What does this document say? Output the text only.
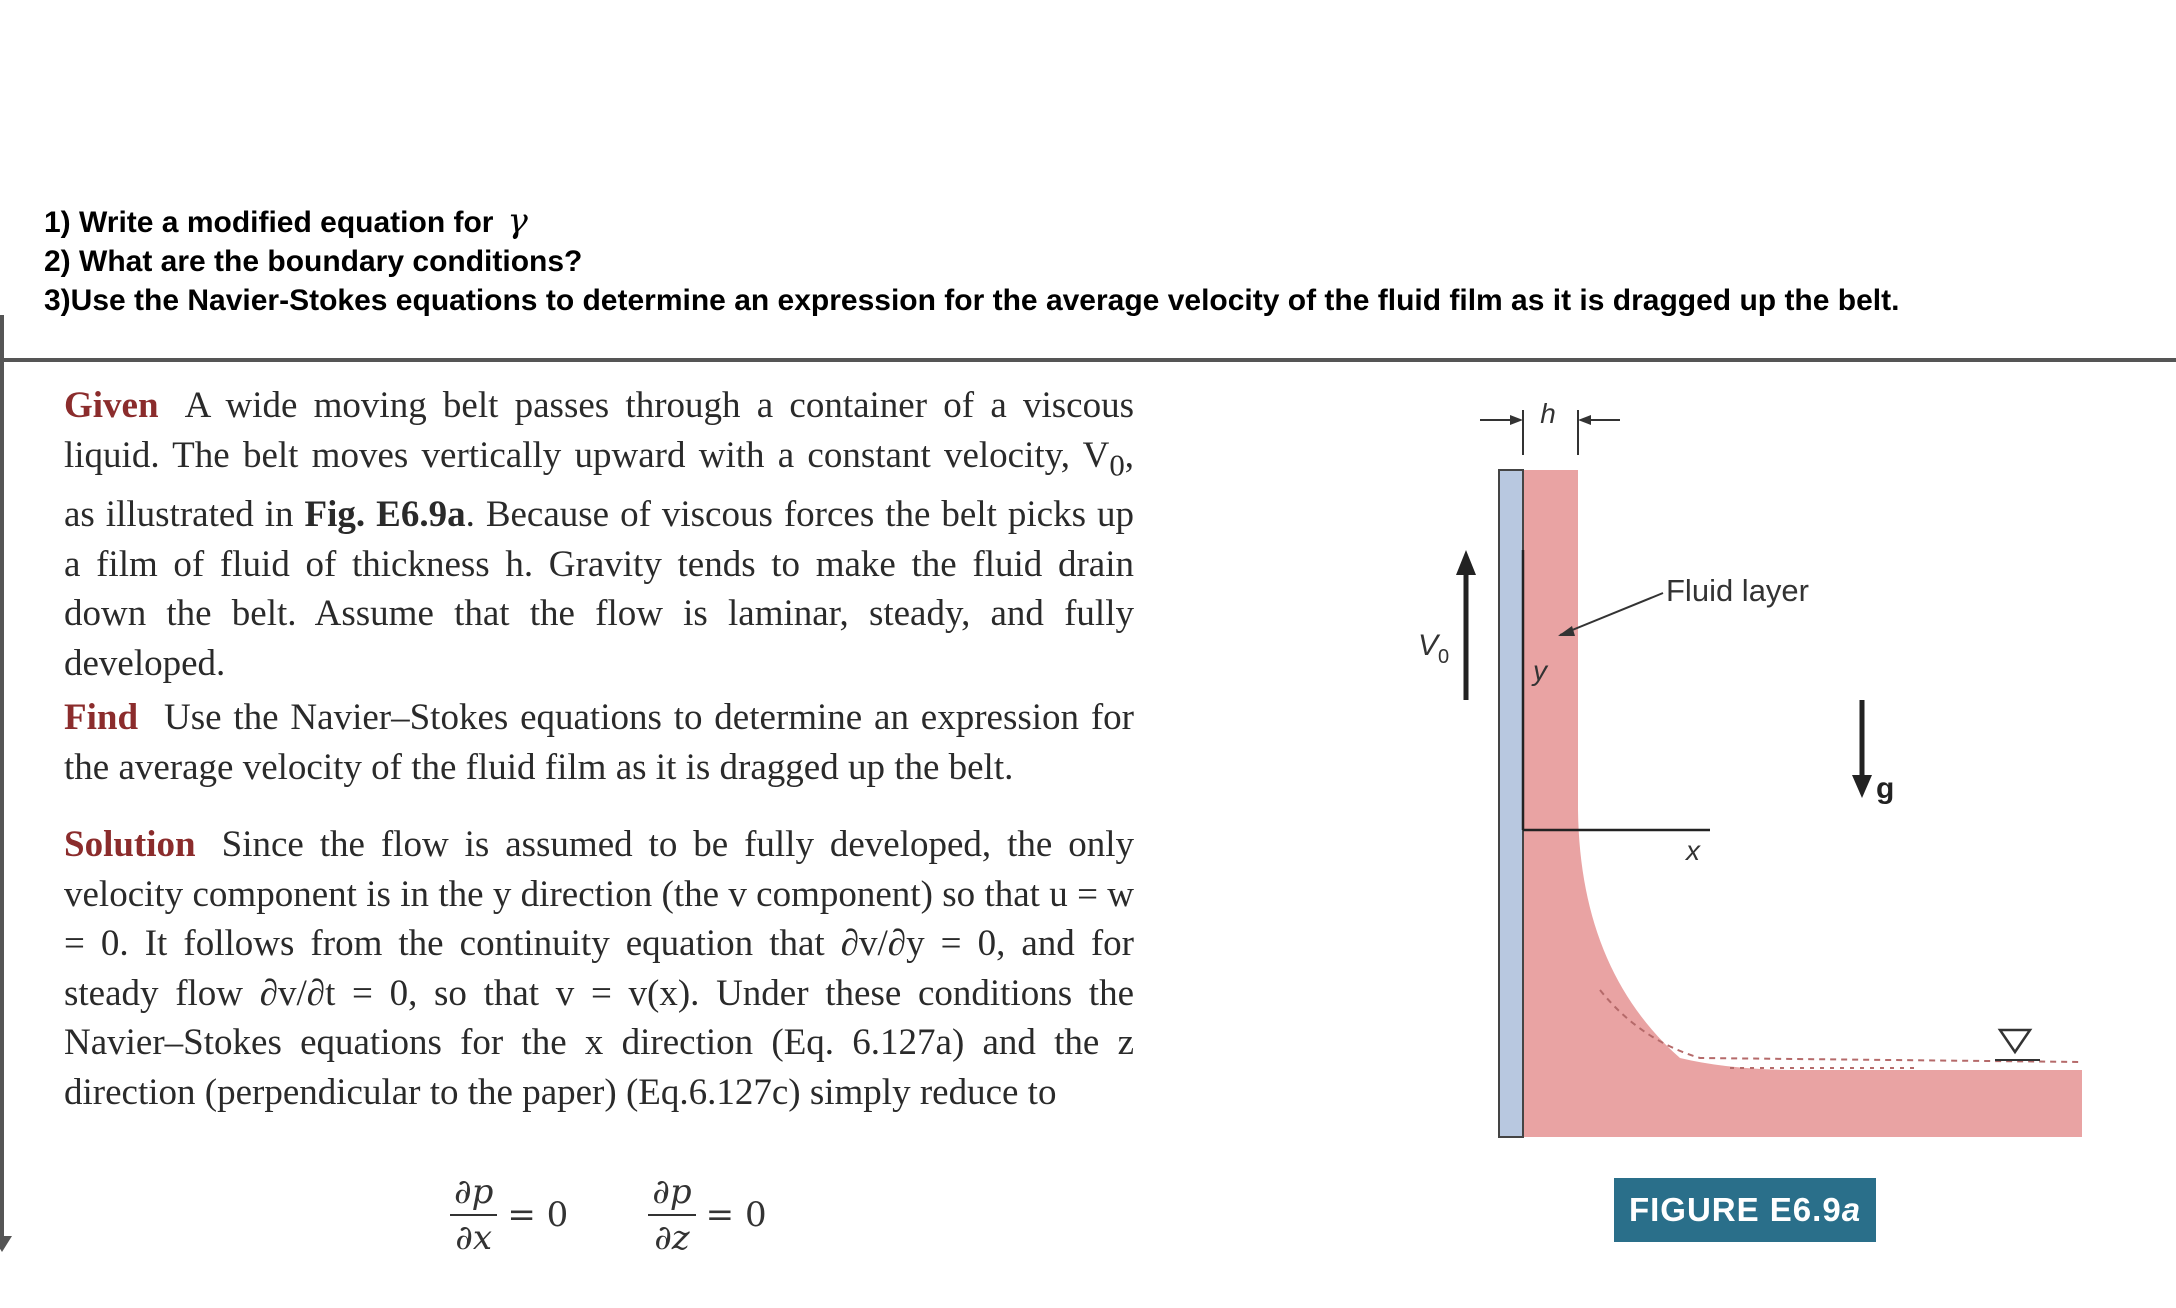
1) Write a modified equation for γ
2) What are the boundary conditions?
3)Use the Navier-Stokes equations to determine an expression for the average velocity of the fluid film as it is dragged up the belt.
Given A wide moving belt passes through a container of a viscous liquid. The belt moves vertically upward with a constant velocity, $V_0$, as illustrated in Fig. E6.9a. Because of viscous forces the belt picks up a film of fluid of thickness h. Gravity tends to make the fluid drain down the belt. Assume that the flow is laminar, steady, and fully developed.
Find Use the Navier–Stokes equations to determine an expression for the average velocity of the fluid film as it is dragged up the belt.
Solution Since the flow is assumed to be fully developed, the only velocity component is in the y direction (the v component) so that u = w = 0. It follows from the continuity equation that ∂v/∂y = 0, and for steady flow ∂v/∂t = 0, so that v = v(x). Under these conditions the Navier–Stokes equations for the x direction (Eq. 6.127a) and the z direction (perpendicular to the paper) (Eq.6.127c) simply reduce to
$\frac{\partial p}{\partial x} = 0 \frac{\partial p}{\partial z} = 0$
h
$V_0$	y
x
Fluid layer
g
FIGURE E6.9 a
